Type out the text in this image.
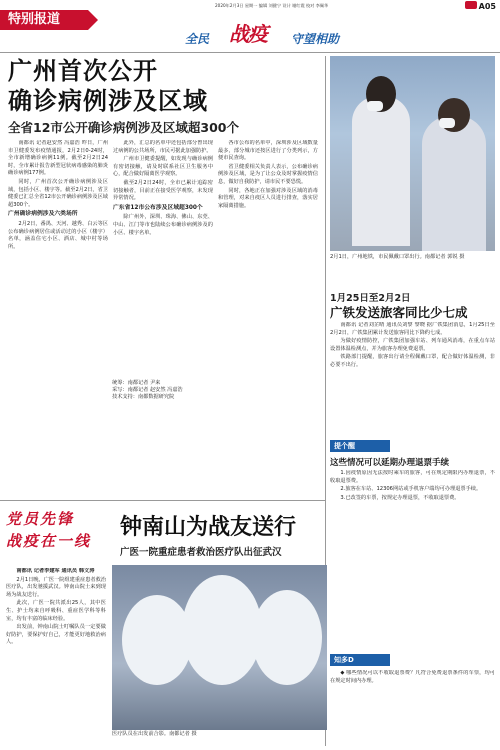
特别报道
2020年2月3日 星期一 编辑 刘健宁 设计 谢红霞 校对 李佩华	A05
全民 战疫 守望相助
广州首次公开
确诊病例涉及区域
全省12市公开确诊病例涉及区域超300个

南都讯 记者赵安然 冯嘉浩 昨日，广州市卫健委发布疫情通报，2月2日0-24时，全市新增确诊病例11例。截至2月2日24时，全市累计报告新型冠状病毒感染的肺炎确诊病例177例。

同时，广州首次公开确诊病例涉及区域，包括小区、楼宇等。截至2月2日，省卫健委已汇总全省12市公开确诊病例涉及区域超300个。

广州确诊病例涉及六类场所

2月2日，番禺、天河、越秀、白云等区公布确诊病例居住或活动过的小区（楼宇）名单，涵盖住宅小区、酒店、城中村等场所。

此外，汇总的名单中还包括部分曾出现过病例的公共场所，市民可据此加强防护。

广州市卫健委提醒，如发现与确诊病例有密切接触，请及时联系社区卫生服务中心，配合做好隔离医学观察。

截至2月2日24时，全市已累计追踪密切接触者，目前正在接受医学观察，未发现异常情况。

广东省12市公布涉及区域超300个

除广州外，深圳、珠海、佛山、东莞、中山、江门等市也陆续公布确诊病例涉及的小区、楼宇名单。

各市公布的名单中，深圳涉及区域数量最多，部分城市还按区进行了分类列示，方便市民查询。

省卫健委相关负责人表示，公布确诊病例涉及区域，是为了让公众及时掌握疫情信息，做好自我防护，请市民不要恐慌。

同时，各地正在加强对涉及区域的消毒和管理，对来自疫区人员进行排查，落实居家隔离措施。

统筹：南都记者 尹来
采写：南都记者 赵安然 冯嘉浩
技术支持：南都数据研究院
2月1日，广州地铁，市民佩戴口罩出行。南都记者 郭锐 摄
1月25日至2月2日
广铁发送旅客同比少七成

南都讯 记者刘芷晴 通讯员刘黎 黎晓 据广铁集团消息，1月25日至2月2日，广铁集团累计发送旅客同比下降约七成。

为做好疫情防控，广铁集团加强车站、列车通风消毒，在重点车站设置体温检测点，并为旅客办理免费退票。

铁路部门提醒，旅客出行请全程佩戴口罩，配合做好体温检测，非必要不出行。

提个醒
这些情况可以延期办理退票手续

1.因疫情原因无法按时乘车的旅客，可在规定期限内办理退票，不收取退票费。

2.旅客在车站、12306网站或手机客户端均可办理退票手续。

3.已改签的车票，按规定办理退票，不收取退票费。

知多D

◆ 哪些情况可以不收取退票费？凡符合免费退票条件的车票，均可在规定时间内办理。

党员先锋
战疫在一线
钟南山为战友送行
广医一院重症患者救治医疗队出征武汉

南都讯 记者李建军 通讯员 韩文涛

2月1日晚，广医一院组建重症患者救治医疗队，出发驰援武汉。钟南山院士来到现场为战友送行。

此次，广医一院共派出25人，其中医生、护士均来自呼吸科、重症医学科等科室，均有丰富的临床经验。

出发前，钟南山院士叮嘱队员一定要做好防护，要保护好自己，才能更好地救治病人。

医疗队员在出发前合影。南都记者 摄
